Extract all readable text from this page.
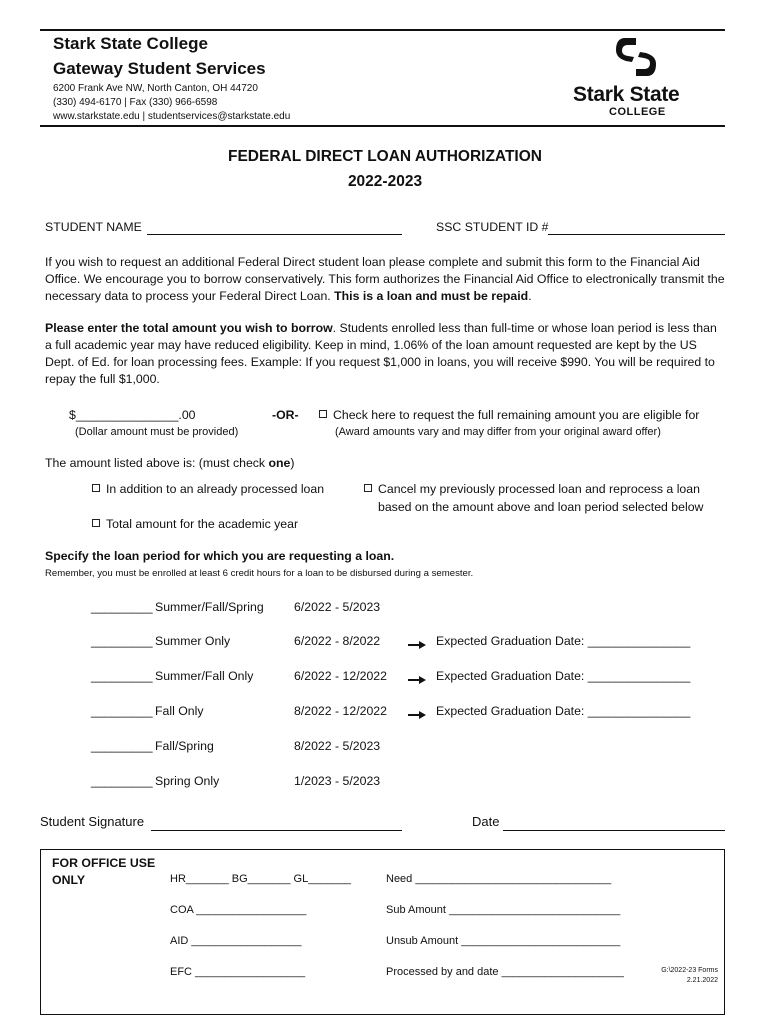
Stark State College
Gateway Student Services
6200 Frank Ave NW, North Canton, OH 44720
(330) 494-6170 | Fax (330) 966-6598
www.starkstate.edu | studentservices@starkstate.edu
Stark State
COLLEGE
FEDERAL DIRECT LOAN AUTHORIZATION
2022-2023
STUDENT NAME	SSC STUDENT ID #
If you wish to request an additional Federal Direct student loan please complete and submit this form to the Financial Aid Office. We encourage you to borrow conservatively. This form authorizes the Financial Aid Office to electronically transmit the necessary data to process your Federal Direct Loan. This is a loan and must be repaid.
Please enter the total amount you wish to borrow. Students enrolled less than full-time or whose loan period is less than a full academic year may have reduced eligibility. Keep in mind, 1.06% of the loan amount requested are kept by the US Dept. of Ed. for loan processing fees. Example: If you request $1,000 in loans, you will receive $990. You will be required to repay the full $1,000.
$_______________.00
(Dollar amount must be provided)
-OR-	Check here to request the full remaining amount you are eligible for
(Award amounts vary and may differ from your original award offer)
The amount listed above is: (must check one)
In addition to an already processed loan	Cancel my previously processed loan and reprocess a loan
based on the amount above and loan period selected below
Total amount for the academic year
Specify the loan period for which you are requesting a loan.
Remember, you must be enrolled at least 6 credit hours for a loan to be disbursed during a semester.
_________ Summer/Fall/Spring 6/2022 - 5/2023
_________ Summer Only	6/2022 - 8/2022	Expected Graduation Date: _______________
_________ Summer/Fall Only	6/2022 - 12/2022	Expected Graduation Date: _______________
_________ Fall Only	8/2022 - 12/2022	Expected Graduation Date: _______________
_________ Fall/Spring	8/2022 - 5/2023
_________ Spring Only	1/2023 - 5/2023
Student Signature	Date
FOR OFFICE USE
ONLY	HR_______ BG_______ GL_______	Need ________________________________
COA __________________	Sub Amount ____________________________
AID __________________	Unsub Amount __________________________
EFC __________________	Processed by and date ____________________	G:\2022-23 Forms
2.21.2022
